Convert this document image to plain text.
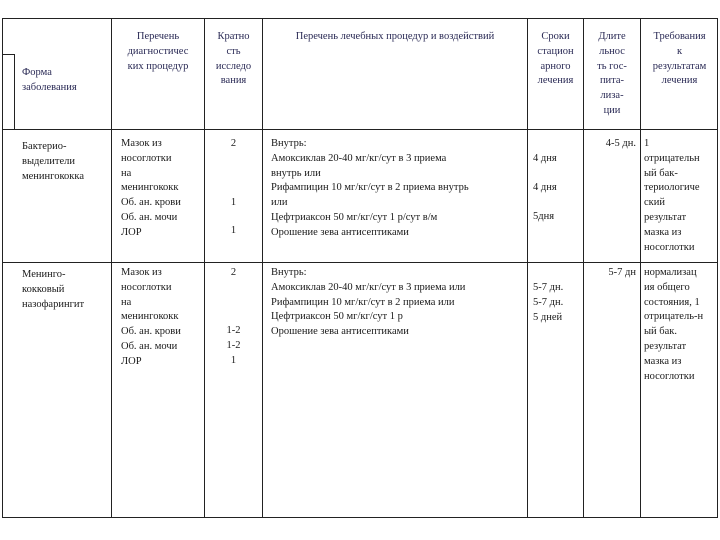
Форма
заболевания
Перечень
диагностичес
ких процедур
Кратно
сть
исследо
вания
Перечень лечебных процедур и воздействий	Сроки
стацион
арного
лечения
Длите
льнос
ть гос-
пита-
лиза-
ции
Требования
к
результатам
лечения
Бактерио-
выделители
менингококка
Мазок из
носоглотки
на
менингококк
Об. ан. крови
Об. ан. мочи
ЛОР
2
1
1
Внутрь:
Амоксиклав 20-40 мг/кг/сут в 3 приема
внутрь или
Рифампицин 10 мг/кг/сут в 2 приема внутрь
или
Цефтриаксон 50 мг/кг/сут 1 р/сут в/м
Орошение зева антисептиками
4 дня
4 дня
5дня
4-5 дн. 1
отрицательн
ый бак-
териологиче
ский
результат
мазка из
носоглотки
Менинго-
кокковый
назофарингит
Мазок из
носоглотки
на
менингококк
Об. ан. крови
Об. ан. мочи
ЛОР
2
1-2
1-2
1
Внутрь:
Амоксиклав 20-40 мг/кг/сут в 3 приема или
Рифампицин 10 мг/кг/сут в 2 приема или
Цефтриаксон 50 мг/кг/сут 1 р
Орошение зева антисептиками
5-7 дн.
5-7 дн.
5 дней
5-7 дн нормализац
ия общего
состояния, 1
отрицатель-н
ый бак.
результат
мазка из
носоглотки
